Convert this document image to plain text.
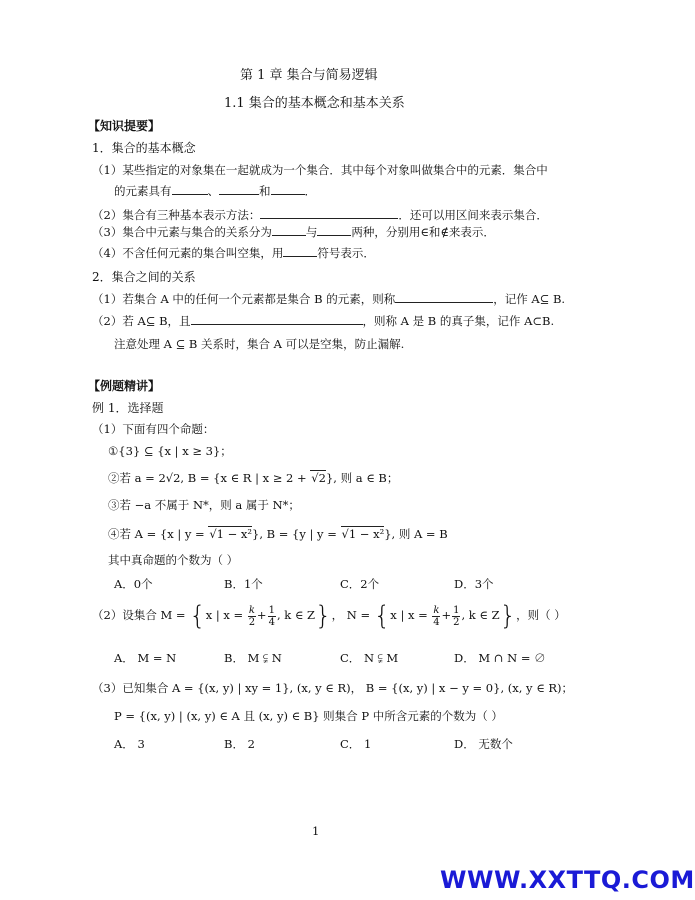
第 1 章 集合与简易逻辑
1.1 集合的基本概念和基本关系
【知识提要】
1．集合的基本概念
（1）某些指定的对象集在一起就成为一个集合．其中每个对象叫做集合中的元素．集合中
的元素具有	、	和	．
（2）集合有三种基本表示方法：	．还可以用区间来表示集合．
（3）集合中元素与集合的关系分为	与	两种，分别用∈和∉来表示．
（4）不含任何元素的集合叫空集，用	符号表示．
2．集合之间的关系
（1）若集合 A 中的任何一个元素都是集合 B 的元素，则称	，记作 A⊆ B.
（2）若 A⊆ B，且	，则称 A 是 B 的真子集，记作 A⊂B.
注意处理 A ⊆ B 关系时，集合 A 可以是空集，防止漏解.
【例题精讲】
例 1．选择题
（1）下面有四个命题：
①{3} ⊆ {x | x ≥ 3}；
②若 a = 2√2, B = {x ∈ R | x ≥ 2 + √2}, 则 a ∈ B；
③若 −a 不属于 N*，则 a 属于 N*；
④若 A = {x | y = √1 − x²}, B = {y | y = √1 − x²}, 则 A = B
其中真命题的个数为（ ）
A．0个	B．1个	C．2个	D．3个
（2）设集合 M = {x | $x = \frac{k}{2} + \frac{1}{4}$ , k ∈ Z}， N = {x | $x = \frac{k}{4} + \frac{1}{2}$ , k ∈ Z}，则（ ）
A． M = N	B． M ⫋ N	C． N ⫋ M	D． M ∩ N = ∅
（3）已知集合 A = {(x, y) | xy = 1}, (x, y ∈ R)， B = {(x, y) | x − y = 0}, (x, y ∈ R)；
P = {(x, y) | (x, y) ∈ A 且 (x, y) ∈ B} 则集合 P 中所含元素的个数为（ ）
A． 3	B． 2	C． 1	D． 无数个
1
WWW.XXTTQ.COM
